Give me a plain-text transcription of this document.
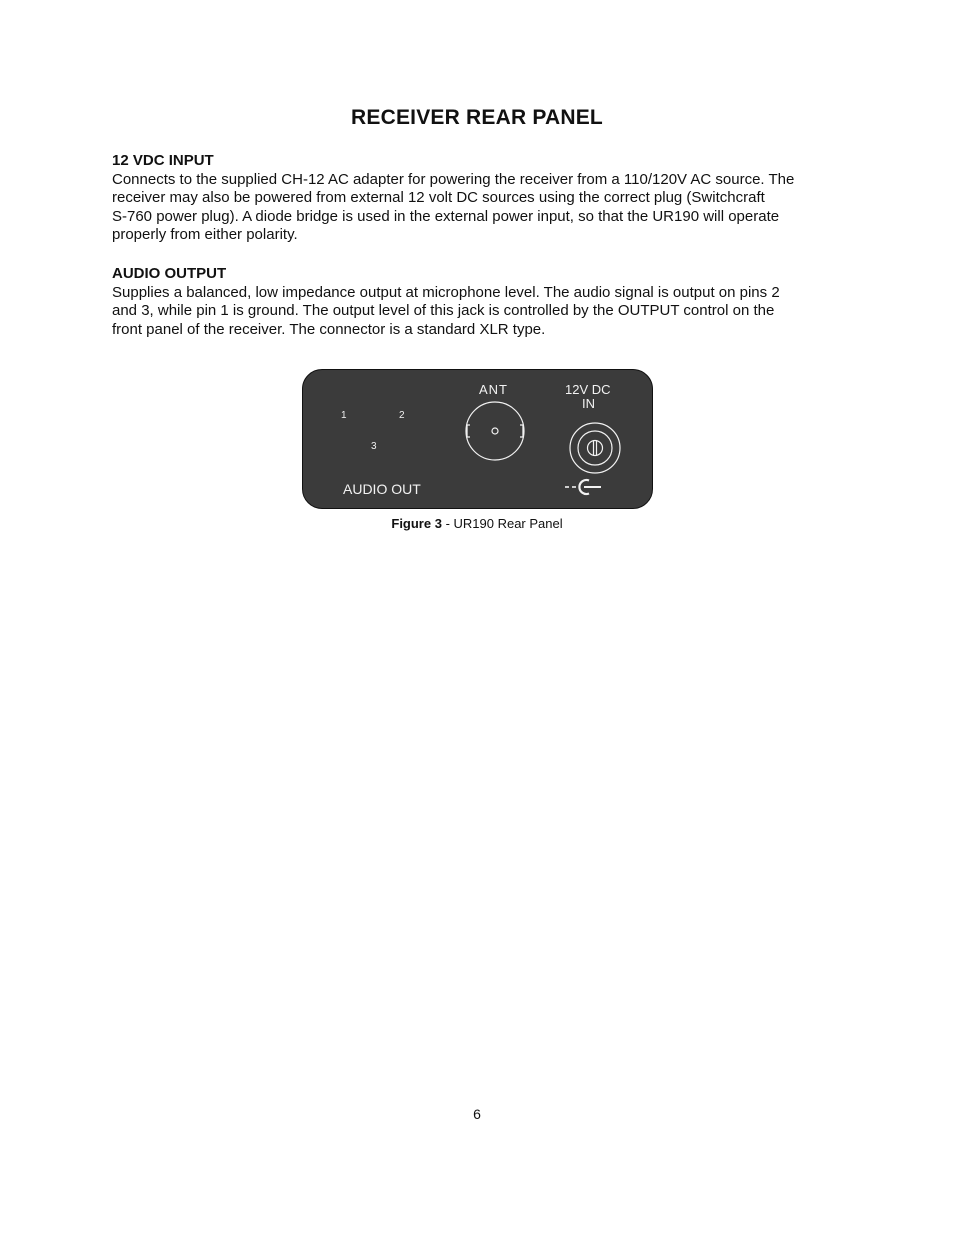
RECEIVER REAR PANEL

12 VDC INPUT

Connects to the supplied CH-12 AC adapter for powering the receiver from a 110/120V AC source. The
receiver may also be powered from external 12 volt DC sources using the correct plug (Switchcraft
S-760 power plug). A diode bridge is used in the external power input, so that the UR190 will operate
properly from either polarity.

AUDIO OUTPUT

Supplies a balanced, low impedance output at microphone level. The audio signal is output on pins 2
and 3, while pin 1 is ground. The output level of this jack is controlled by the OUTPUT control on the
front panel of the receiver. The connector is a standard XLR type.

1	2
3
AUDIO OUT
ANT	12V DC
IN
Figure 3 - UR190 Rear Panel
6
